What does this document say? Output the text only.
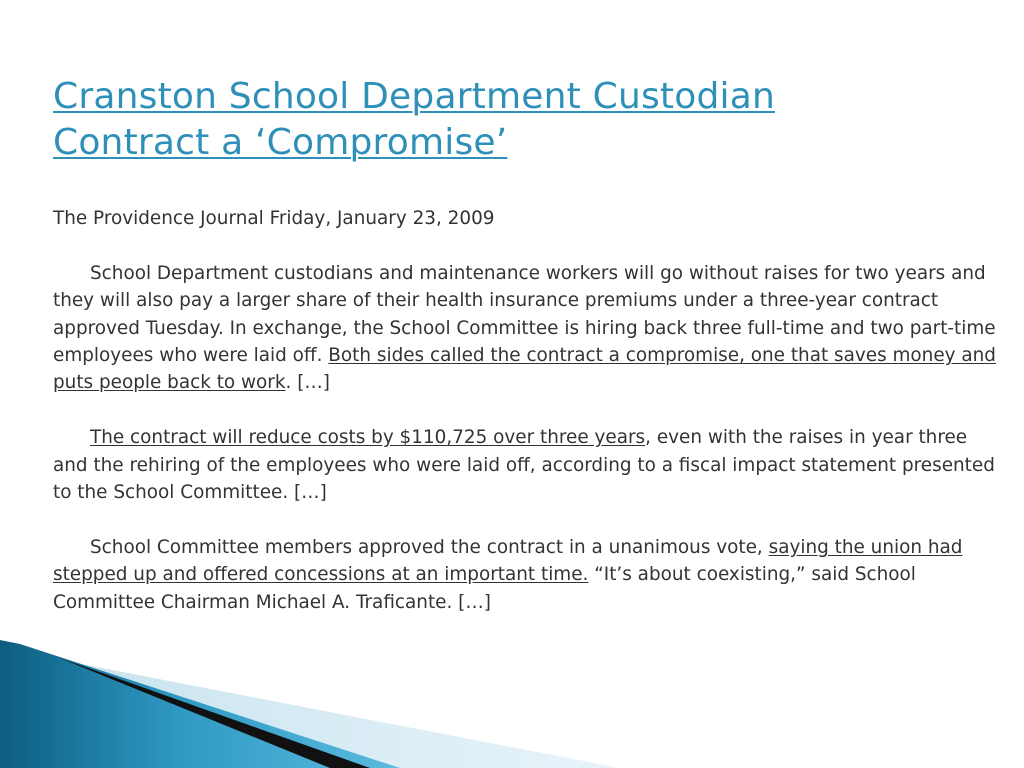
Cranston School Department Custodian
Contract a ‘Compromise’

The Providence Journal Friday, January 23, 2009

School Department custodians and maintenance workers will go without raises for two years and they will also pay a larger share of their health insurance premiums under a three-year contract approved Tuesday. In exchange, the School Committee is hiring back three full-time and two part-time employees who were laid off. Both sides called the contract a compromise, one that saves money and puts people back to work. […]

The contract will reduce costs by $110,725 over three years, even with the raises in year three and the rehiring of the employees who were laid off, according to a fiscal impact statement presented to the School Committee. […]

School Committee members approved the contract in a unanimous vote, saying the union had stepped up and offered concessions at an important time. “It’s about coexisting,” said School Committee Chairman Michael A. Traficante. […]
